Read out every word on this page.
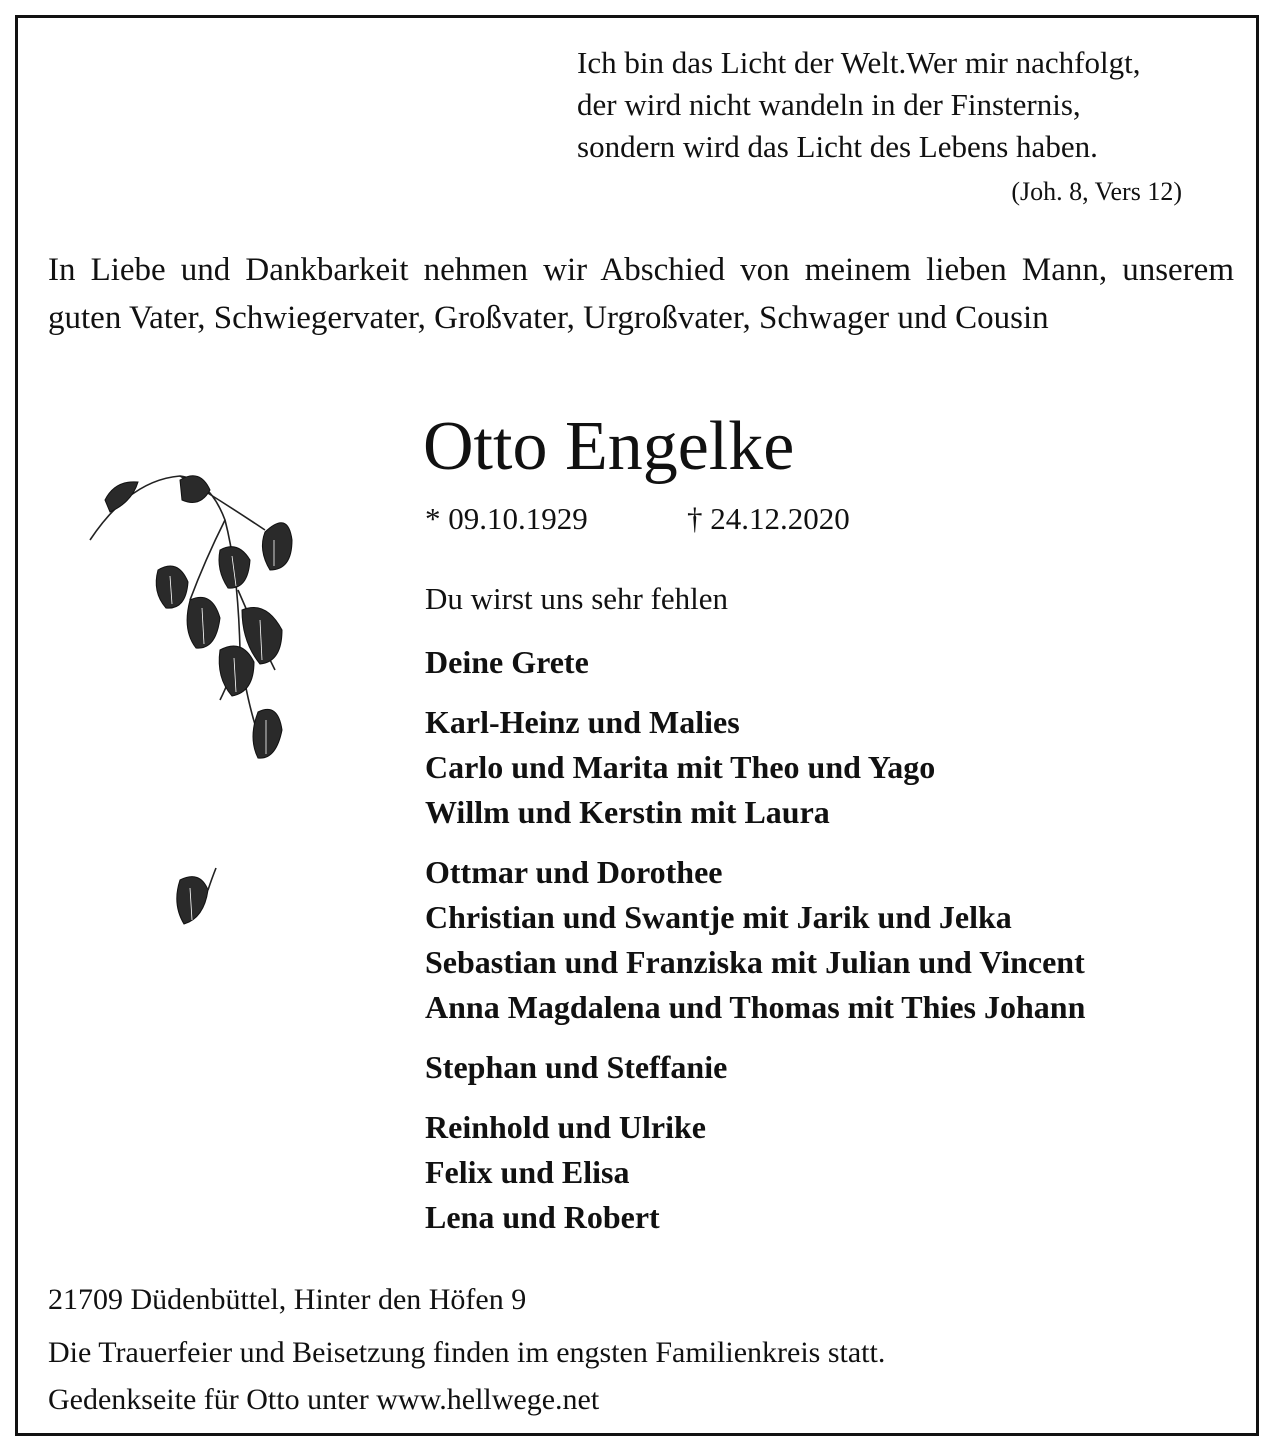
Ich bin das Licht der Welt.Wer mir nachfolgt,
der wird nicht wandeln in der Finsternis,
sondern wird das Licht des Lebens haben.
(Joh. 8, Vers 12)
In Liebe und Dankbarkeit nehmen wir Abschied von meinem lieben Mann, unserem guten Vater, Schwiegervater, Großvater, Urgroßvater, Schwager und Cousin
Otto Engelke
* 09.10.1929	† 24.12.2020
Du wirst uns sehr fehlen
Deine Grete
Karl-Heinz und Malies
Carlo und Marita mit Theo und Yago
Willm und Kerstin mit Laura
Ottmar und Dorothee
Christian und Swantje mit Jarik und Jelka
Sebastian und Franziska mit Julian und Vincent
Anna Magdalena und Thomas mit Thies Johann
Stephan und Steffanie
Reinhold und Ulrike
Felix und Elisa
Lena und Robert
21709 Düdenbüttel, Hinter den Höfen 9
Die Trauerfeier und Beisetzung finden im engsten Familienkreis statt.
Gedenkseite für Otto unter www.hellwege.net
